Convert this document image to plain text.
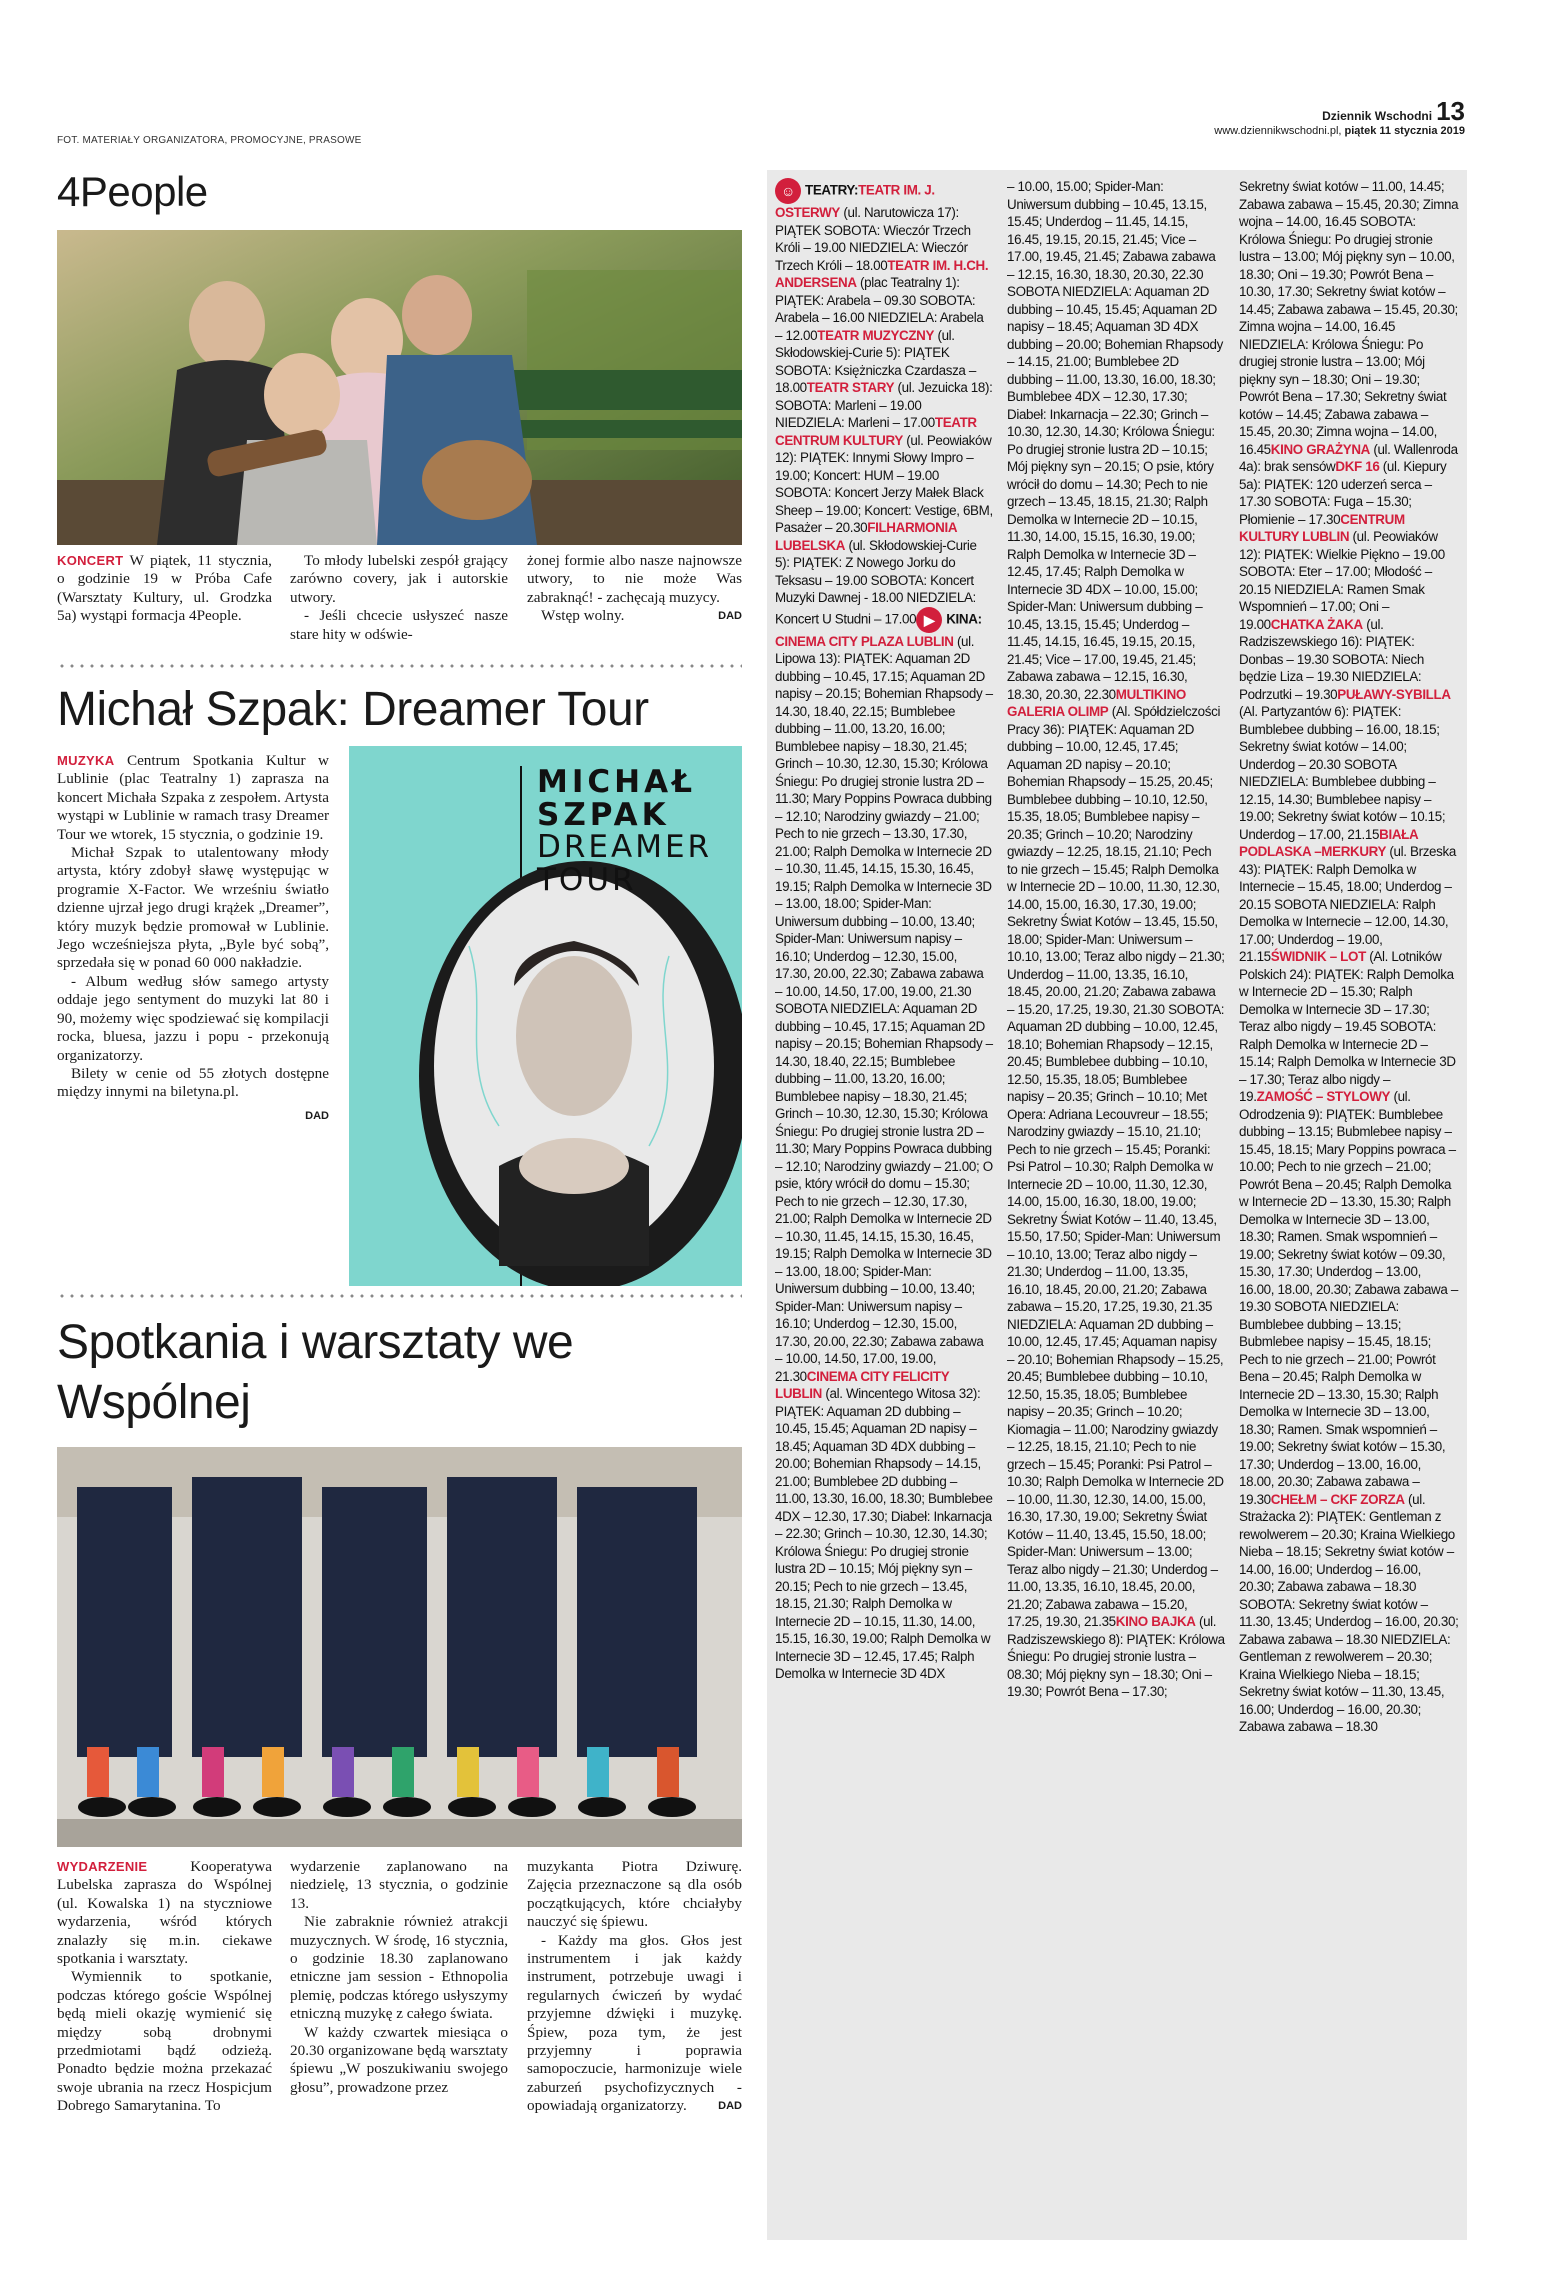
FOT. MATERIAŁY ORGANIZATORA, PROMOCYJNE, PRASOWE
Dziennik Wschodni 13
www.dziennikwschodni.pl, piątek 11 stycznia 2019
4People

KONCERT W piątek, 11 stycznia, o godzinie 19 w Próba Cafe (Warsztaty Kultury, ul. Grodzka 5a) wystąpi formacja 4People.

To młody lubelski zespół grający zarówno covery, jak i autorskie utwory.

- Jeśli chcecie usłyszeć nasze stare hity w odświe-

żonej formie albo nasze najnowsze utwory, to nie może Was zabraknąć! - zachęcają muzycy.

Wstęp wolny.	DAD

Michał Szpak: Dreamer Tour

MUZYKA Centrum Spotkania Kultur w Lublinie (plac Teatralny 1) zaprasza na koncert Michała Szpaka z zespołem. Artysta wystąpi w Lublinie w ramach trasy Dreamer Tour we wtorek, 15 stycznia, o godzinie 19.

Michał Szpak to utalentowany młody artysta, który zdobył sławę występując w programie X-Factor. We wrześniu światło dzienne ujrzał jego drugi krążek „Dreamer”, który muzyk będzie promował w Lublinie. Jego wcześniejsza płyta, „Byle być sobą”, sprzedała się w ponad 60 000 nakładzie.

- Album według słów samego artysty oddaje jego sentyment do muzyki lat 80 i 90, możemy więc spodziewać się kompilacji rocka, bluesa, jazzu i popu - przekonują organizatorzy.

Bilety w cenie od 55 złotych dostępne między innymi na biletyna.pl.

DAD

MICHAŁ
SZPAK
DREAMER
TOUR
Spotkania i warsztaty we
Wspólnej

WYDARZENIE	Kooperatywa Lubelska zaprasza do Wspólnej (ul. Kowalska 1) na styczniowe wydarzenia, wśród których znalazły się m.in. ciekawe spotkania i warsztaty.

Wymiennik to spotkanie, podczas którego goście Wspólnej będą mieli okazję wymienić się między sobą drobnymi przedmiotami bądź odzieżą. Ponadto będzie można przekazać swoje ubrania na rzecz Hospicjum Dobrego Samarytanina. To

wydarzenie zaplanowano na niedzielę, 13 stycznia, o godzinie 13.

Nie zabraknie również atrakcji muzycznych. W środę, 16 stycznia, o godzinie 18.30 zaplanowano etniczne jam session - Ethnopolia plemię, podczas którego usłyszymy etniczną muzykę z całego świata.

W każdy czwartek miesiąca o 20.30 organizowane będą warsztaty śpiewu „W poszukiwaniu swojego głosu”, prowadzone przez

muzykanta Piotra Dziwurę. Zajęcia przeznaczone są dla osób początkujących, które chciałyby nauczyć się śpiewu.

- Każdy ma głos. Głos jest instrumentem i jak każdy instrument, potrzebuje uwagi i regularnych ćwiczeń by wydać przyjemne dźwięki i muzykę. Śpiew, poza tym, że jest przyjemny i poprawia samopoczucie, harmonizuje wiele zaburzeń psychofizycznych - opowiadają organizatorzy.	DAD

☺ TEATRY:TEATR IM. J. OSTERWY (ul. Narutowicza 17): PIĄTEK SOBOTA: Wieczór Trzech Króli – 19.00 NIEDZIELA: Wieczór Trzech Króli – 18.00TEATR IM. H.CH. ANDERSENA (plac Teatralny 1): PIĄTEK: Arabela – 09.30 SOBOTA: Arabela – 16.00 NIEDZIELA: Arabela – 12.00TEATR MUZYCZNY (ul. Skłodowskiej-Curie 5): PIĄTEK SOBOTA: Księżniczka Czardasza – 18.00TEATR STARY (ul. Jezuicka 18): SOBOTA: Marleni – 19.00 NIEDZIELA: Marleni – 17.00TEATR CENTRUM KULTURY (ul. Peowiaków 12): PIĄTEK: Innymi Słowy Impro – 19.00; Koncert: HUM – 19.00 SOBOTA: Koncert Jerzy Małek Black Sheep – 19.00; Koncert: Vestige, 6BM, Pasażer – 20.30FILHARMONIA LUBELSKA (ul. Skłodowskiej-Curie 5): PIĄTEK: Z Nowego Jorku do Teksasu – 19.00 SOBOTA: Koncert Muzyki Dawnej - 18.00 NIEDZIELA: Koncert U Studni – 17.00 ▶ KINA:CINEMA CITY PLAZA LUBLIN (ul. Lipowa 13): PIĄTEK: Aquaman 2D dubbing – 10.45, 17.15; Aquaman 2D napisy – 20.15; Bohemian Rhapsody – 14.30, 18.40, 22.15; Bumblebee dubbing – 11.00, 13.20, 16.00; Bumblebee napisy – 18.30, 21.45; Grinch – 10.30, 12.30, 15.30; Królowa Śniegu: Po drugiej stronie lustra 2D – 11.30; Mary Poppins Powraca dubbing – 12.10; Narodziny gwiazdy – 21.00; Pech to nie grzech – 13.30, 17.30, 21.00; Ralph Demolka w Internecie 2D – 10.30, 11.45, 14.15, 15.30, 16.45, 19.15; Ralph Demolka w Internecie 3D – 13.00, 18.00; Spider-Man: Uniwersum dubbing – 10.00, 13.40; Spider-Man: Uniwersum napisy – 16.10; Underdog – 12.30, 15.00, 17.30, 20.00, 22.30; Zabawa zabawa – 10.00, 14.50, 17.00, 19.00, 21.30 SOBOTA NIEDZIELA: Aquaman 2D dubbing – 10.45, 17.15; Aquaman 2D napisy – 20.15; Bohemian Rhapsody – 14.30, 18.40, 22.15; Bumblebee dubbing – 11.00, 13.20, 16.00; Bumblebee napisy – 18.30, 21.45; Grinch – 10.30, 12.30, 15.30; Królowa Śniegu: Po drugiej stronie lustra 2D – 11.30; Mary Poppins Powraca dubbing – 12.10; Narodziny gwiazdy – 21.00; O psie, który wrócił do domu – 15.30; Pech to nie grzech – 12.30, 17.30, 21.00; Ralph Demolka w Internecie 2D – 10.30, 11.45, 14.15, 15.30, 16.45, 19.15; Ralph Demolka w Internecie 3D – 13.00, 18.00; Spider-Man: Uniwersum dubbing – 10.00, 13.40; Spider-Man: Uniwersum napisy – 16.10; Underdog – 12.30, 15.00, 17.30, 20.00, 22.30; Zabawa zabawa – 10.00, 14.50, 17.00, 19.00, 21.30CINEMA CITY FELICITY LUBLIN (al. Wincentego Witosa 32): PIĄTEK: Aquaman 2D dubbing – 10.45, 15.45; Aquaman 2D napisy – 18.45; Aquaman 3D 4DX dubbing – 20.00; Bohemian Rhapsody – 14.15, 21.00; Bumblebee 2D dubbing – 11.00, 13.30, 16.00, 18.30; Bumblebee 4DX – 12.30, 17.30; Diabeł: Inkarnacja – 22.30; Grinch – 10.30, 12.30, 14.30; Królowa Śniegu: Po drugiej stronie lustra 2D – 10.15; Mój piękny syn – 20.15; Pech to nie grzech – 13.45, 18.15, 21.30; Ralph Demolka w Internecie 2D – 10.15, 11.30, 14.00, 15.15, 16.30, 19.00; Ralph Demolka w Internecie 3D – 12.45, 17.45; Ralph Demolka w Internecie 3D 4DX
– 10.00, 15.00; Spider-Man: Uniwersum dubbing – 10.45, 13.15, 15.45; Underdog – 11.45, 14.15, 16.45, 19.15, 20.15, 21.45; Vice – 17.00, 19.45, 21.45; Zabawa zabawa – 12.15, 16.30, 18.30, 20.30, 22.30 SOBOTA NIEDZIELA: Aquaman 2D dubbing – 10.45, 15.45; Aquaman 2D napisy – 18.45; Aquaman 3D 4DX dubbing – 20.00; Bohemian Rhapsody – 14.15, 21.00; Bumblebee 2D dubbing – 11.00, 13.30, 16.00, 18.30; Bumblebee 4DX – 12.30, 17.30; Diabeł: Inkarnacja – 22.30; Grinch – 10.30, 12.30, 14.30; Królowa Śniegu: Po drugiej stronie lustra 2D – 10.15; Mój piękny syn – 20.15; O psie, który wrócił do domu – 14.30; Pech to nie grzech – 13.45, 18.15, 21.30; Ralph Demolka w Internecie 2D – 10.15, 11.30, 14.00, 15.15, 16.30, 19.00; Ralph Demolka w Internecie 3D – 12.45, 17.45; Ralph Demolka w Internecie 3D 4DX – 10.00, 15.00; Spider-Man: Uniwersum dubbing – 10.45, 13.15, 15.45; Underdog – 11.45, 14.15, 16.45, 19.15, 20.15, 21.45; Vice – 17.00, 19.45, 21.45; Zabawa zabawa – 12.15, 16.30, 18.30, 20.30, 22.30MULTIKINO GALERIA OLIMP (Al. Spółdzielczości Pracy 36): PIĄTEK: Aquaman 2D dubbing – 10.00, 12.45, 17.45; Aquaman 2D napisy – 20.10; Bohemian Rhapsody – 15.25, 20.45; Bumblebee dubbing – 10.10, 12.50, 15.35, 18.05; Bumblebee napisy – 20.35; Grinch – 10.20; Narodziny gwiazdy – 12.25, 18.15, 21.10; Pech to nie grzech – 15.45; Ralph Demolka w Internecie 2D – 10.00, 11.30, 12.30, 14.00, 15.00, 16.30, 17.30, 19.00; Sekretny Świat Kotów – 13.45, 15.50, 18.00; Spider-Man: Uniwersum – 10.10, 13.00; Teraz albo nigdy – 21.30; Underdog – 11.00, 13.35, 16.10, 18.45, 20.00, 21.20; Zabawa zabawa – 15.20, 17.25, 19.30, 21.30 SOBOTA: Aquaman 2D dubbing – 10.00, 12.45, 18.10; Bohemian Rhapsody – 12.15, 20.45; Bumblebee dubbing – 10.10, 12.50, 15.35, 18.05; Bumblebee napisy – 20.35; Grinch – 10.10; Met Opera: Adriana Lecouvreur – 18.55; Narodziny gwiazdy – 15.10, 21.10; Pech to nie grzech – 15.45; Poranki: Psi Patrol – 10.30; Ralph Demolka w Internecie 2D – 10.00, 11.30, 12.30, 14.00, 15.00, 16.30, 18.00, 19.00; Sekretny Świat Kotów – 11.40, 13.45, 15.50, 17.50; Spider-Man: Uniwersum – 10.10, 13.00; Teraz albo nigdy – 21.30; Underdog – 11.00, 13.35, 16.10, 18.45, 20.00, 21.20; Zabawa zabawa – 15.20, 17.25, 19.30, 21.35 NIEDZIELA: Aquaman 2D dubbing – 10.00, 12.45, 17.45; Aquaman napisy – 20.10; Bohemian Rhapsody – 15.25, 20.45; Bumblebee dubbing – 10.10, 12.50, 15.35, 18.05; Bumblebee napisy – 20.35; Grinch – 10.20; Kiomagia – 11.00; Narodziny gwiazdy – 12.25, 18.15, 21.10; Pech to nie grzech – 15.45; Poranki: Psi Patrol – 10.30; Ralph Demolka w Internecie 2D – 10.00, 11.30, 12.30, 14.00, 15.00, 16.30, 17.30, 19.00; Sekretny Świat Kotów – 11.40, 13.45, 15.50, 18.00; Spider-Man: Uniwersum – 13.00; Teraz albo nigdy – 21.30; Underdog – 11.00, 13.35, 16.10, 18.45, 20.00, 21.20; Zabawa zabawa – 15.20, 17.25, 19.30, 21.35KINO BAJKA (ul. Radziszewskiego 8): PIĄTEK: Królowa Śniegu: Po drugiej stronie lustra – 08.30; Mój piękny syn – 18.30; Oni – 19.30; Powrót Bena – 17.30;
Sekretny świat kotów – 11.00, 14.45; Zabawa zabawa – 15.45, 20.30; Zimna wojna – 14.00, 16.45 SOBOTA: Królowa Śniegu: Po drugiej stronie lustra – 13.00; Mój piękny syn – 10.00, 18.30; Oni – 19.30; Powrót Bena – 10.30, 17.30; Sekretny świat kotów – 14.45; Zabawa zabawa – 15.45, 20.30; Zimna wojna – 14.00, 16.45 NIEDZIELA: Królowa Śniegu: Po drugiej stronie lustra – 13.00; Mój piękny syn – 18.30; Oni – 19.30; Powrót Bena – 17.30; Sekretny świat kotów – 14.45; Zabawa zabawa – 15.45, 20.30; Zimna wojna – 14.00, 16.45KINO GRAŻYNA (ul. Wallenroda 4a): brak sensówDKF 16 (ul. Kiepury 5a): PIĄTEK: 120 uderzeń serca – 17.30 SOBOTA: Fuga – 15.30; Płomienie – 17.30CENTRUM KULTURY LUBLIN (ul. Peowiaków 12): PIĄTEK: Wielkie Piękno – 19.00 SOBOTA: Eter – 17.00; Młodość – 20.15 NIEDZIELA: Ramen Smak Wspomnień – 17.00; Oni – 19.00CHATKA ŻAKA (ul. Radziszewskiego 16): PIĄTEK: Donbas – 19.30 SOBOTA: Niech będzie Liza – 19.30 NIEDZIELA: Podrzutki – 19.30PUŁAWY-SYBILLA (Al. Partyzantów 6): PIĄTEK: Bumblebee dubbing – 16.00, 18.15; Sekretny świat kotów – 14.00; Underdog – 20.30 SOBOTA NIEDZIELA: Bumblebee dubbing – 12.15, 14.30; Bumblebee napisy – 19.00; Sekretny świat kotów – 10.15; Underdog – 17.00, 21.15BIAŁA PODLASKA –MERKURY (ul. Brzeska 43): PIĄTEK: Ralph Demolka w Internecie – 15.45, 18.00; Underdog – 20.15 SOBOTA NIEDZIELA: Ralph Demolka w Internecie – 12.00, 14.30, 17.00; Underdog – 19.00, 21.15ŚWIDNIK – LOT (Al. Lotników Polskich 24): PIĄTEK: Ralph Demolka w Internecie 2D – 15.30; Ralph Demolka w Internecie 3D – 17.30; Teraz albo nigdy – 19.45 SOBOTA: Ralph Demolka w Internecie 2D – 15.14; Ralph Demolka w Internecie 3D – 17.30; Teraz albo nigdy – 19.ZAMOŚĆ – STYLOWY (ul. Odrodzenia 9): PIĄTEK: Bumblebee dubbing – 13.15; Bubmlebee napisy – 15.45, 18.15; Mary Poppins powraca – 10.00; Pech to nie grzech – 21.00; Powrót Bena – 20.45; Ralph Demolka w Internecie 2D – 13.30, 15.30; Ralph Demolka w Internecie 3D – 13.00, 18.30; Ramen. Smak wspomnień – 19.00; Sekretny świat kotów – 09.30, 15.30, 17.30; Underdog – 13.00, 16.00, 18.00, 20.30; Zabawa zabawa – 19.30 SOBOTA NIEDZIELA: Bumblebee dubbing – 13.15; Bubmlebee napisy – 15.45, 18.15; Pech to nie grzech – 21.00; Powrót Bena – 20.45; Ralph Demolka w Internecie 2D – 13.30, 15.30; Ralph Demolka w Internecie 3D – 13.00, 18.30; Ramen. Smak wspomnień – 19.00; Sekretny świat kotów – 15.30, 17.30; Underdog – 13.00, 16.00, 18.00, 20.30; Zabawa zabawa – 19.30CHEŁM – CKF ZORZA (ul. Strażacka 2): PIĄTEK: Gentleman z rewolwerem – 20.30; Kraina Wielkiego Nieba – 18.15; Sekretny świat kotów – 14.00, 16.00; Underdog – 16.00, 20.30; Zabawa zabawa – 18.30 SOBOTA: Sekretny świat kotów – 11.30, 13.45; Underdog – 16.00, 20.30; Zabawa zabawa – 18.30 NIEDZIELA: Gentleman z rewolwerem – 20.30; Kraina Wielkiego Nieba – 18.15; Sekretny świat kotów – 11.30, 13.45, 16.00; Underdog – 16.00, 20.30; Zabawa zabawa – 18.30
